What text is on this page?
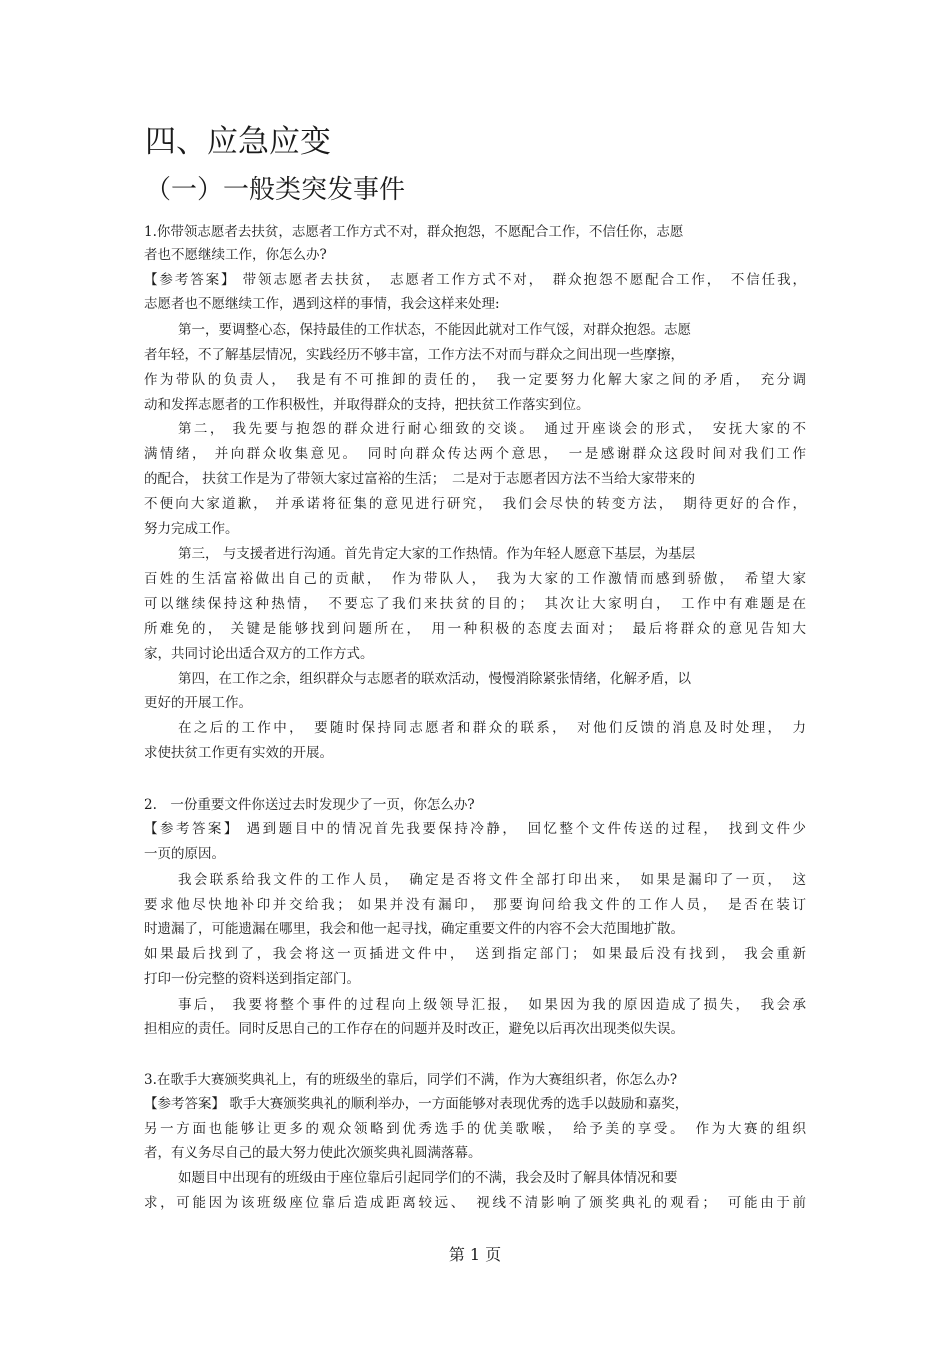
四、应急应变
（一）一般类突发事件
1.你带领志愿者去扶贫，志愿者工作方式不对，群众抱怨，不愿配合工作，不信任你，志愿
者也不愿继续工作，你怎么办?
【参考答案】 带领志愿者去扶贫，　志愿者工作方式不对，　群众抱怨不愿配合工作，　不信任我，
志愿者也不愿继续工作，遇到这样的事情，我会这样来处理:
第一，要调整心态，保持最佳的工作状态，不能因此就对工作气馁，对群众抱怨。志愿
者年轻，不了解基层情况，实践经历不够丰富，工作方法不对而与群众之间出现一些摩擦，
作为带队的负责人，　我是有不可推卸的责任的，　我一定要努力化解大家之间的矛盾，　充分调
动和发挥志愿者的工作积极性，并取得群众的支持，把扶贫工作落实到位。
第二， 我先要与抱怨的群众进行耐心细致的交谈。　通过开座谈会的形式，　安抚大家的不
满情绪， 并向群众收集意见。　同时向群众传达两个意思，　一是感谢群众这段时间对我们工作
的配合， 扶贫工作是为了带领大家过富裕的生活；　二是对于志愿者因方法不当给大家带来的
不便向大家道歉， 并承诺将征集的意见进行研究，　我们会尽快的转变方法，　期待更好的合作，
努力完成工作。
第三， 与支援者进行沟通。首先肯定大家的工作热情。作为年轻人愿意下基层，为基层
百姓的生活富裕做出自己的贡献，　作为带队人，　我为大家的工作激情而感到骄傲，　希望大家
可以继续保持这种热情，　不要忘了我们来扶贫的目的；　其次让大家明白，　工作中有难题是在
所难免的， 关键是能够找到问题所在，　用一种积极的态度去面对；　最后将群众的意见告知大
家，共同讨论出适合双方的工作方式。
第四，在工作之余，组织群众与志愿者的联欢活动，慢慢消除紧张情绪，化解矛盾，以
更好的开展工作。
在之后的工作中，　要随时保持同志愿者和群众的联系，　对他们反馈的消息及时处理，　力
求使扶贫工作更有实效的开展。
2.　一份重要文件你送过去时发现少了一页，你怎么办?
【参考答案】 遇到题目中的情况首先我要保持冷静，　回忆整个文件传送的过程，　找到文件少
一页的原因。
我会联系给我文件的工作人员，　确定是否将文件全部打印出来，　如果是漏印了一页，　这
要求他尽快地补印并交给我； 如果并没有漏印， 那要询问给我文件的工作人员，　是否在装订
时遗漏了，可能遗漏在哪里，我会和他一起寻找，确定重要文件的内容不会大范围地扩散。
如果最后找到了，我会将这一页插进文件中，　送到指定部门； 如果最后没有找到， 我会重新
打印一份完整的资料送到指定部门。
事后， 我要将整个事件的过程向上级领导汇报，　如果因为我的原因造成了损失，　我会承
担相应的责任。同时反思自己的工作存在的问题并及时改正，避免以后再次出现类似失误。
3.在歌手大赛颁奖典礼上，有的班级坐的靠后，同学们不满，作为大赛组织者，你怎么办?
【参考答案】 歌手大赛颁奖典礼的顺利举办，一方面能够对表现优秀的选手以鼓励和嘉奖，
另一方面也能够让更多的观众领略到优秀选手的优美歌喉，　给予美的享受。　作为大赛的组织
者，有义务尽自己的最大努力使此次颁奖典礼圆满落幕。
如题目中出现有的班级由于座位靠后引起同学们的不满，我会及时了解具体情况和要
求，可能因为该班级座位靠后造成距离较远、　视线不清影响了颁奖典礼的观看；　可能由于前
第 1 页
